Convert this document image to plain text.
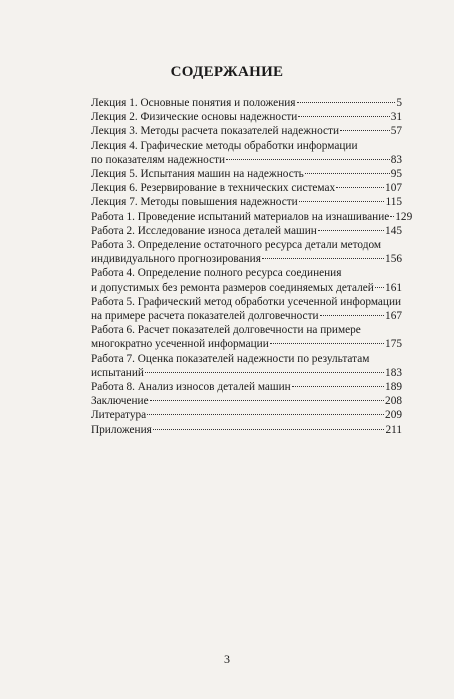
СОДЕРЖАНИЕ
Лекция 1. Основные понятия и положения	5
Лекция 2. Физические основы надежности	31
Лекция 3. Методы расчета показателей надежности	57
Лекция 4. Графические методы обработки информации
по показателям надежности	83
Лекция 5. Испытания машин на надежность	95
Лекция 6. Резервирование в технических системах	107
Лекция 7. Методы повышения надежности	115
Работа 1. Проведение испытаний материалов на изнашивание 129
Работа 2. Исследование износа деталей машин	145
Работа 3. Определение остаточного ресурса детали методом
индивидуального прогнозирования	156
Работа 4. Определение полного ресурса соединения
и допустимых без ремонта размеров соединяемых деталей 161
Работа 5. Графический метод обработки усеченной информации
на примере расчета показателей долговечности	167
Работа 6. Расчет показателей долговечности на примере
многократно усеченной информации	175
Работа 7. Оценка показателей надежности по результатам
испытаний	183
Работа 8. Анализ износов деталей машин	189
Заключение	208
Литература	209
Приложения	211
3
